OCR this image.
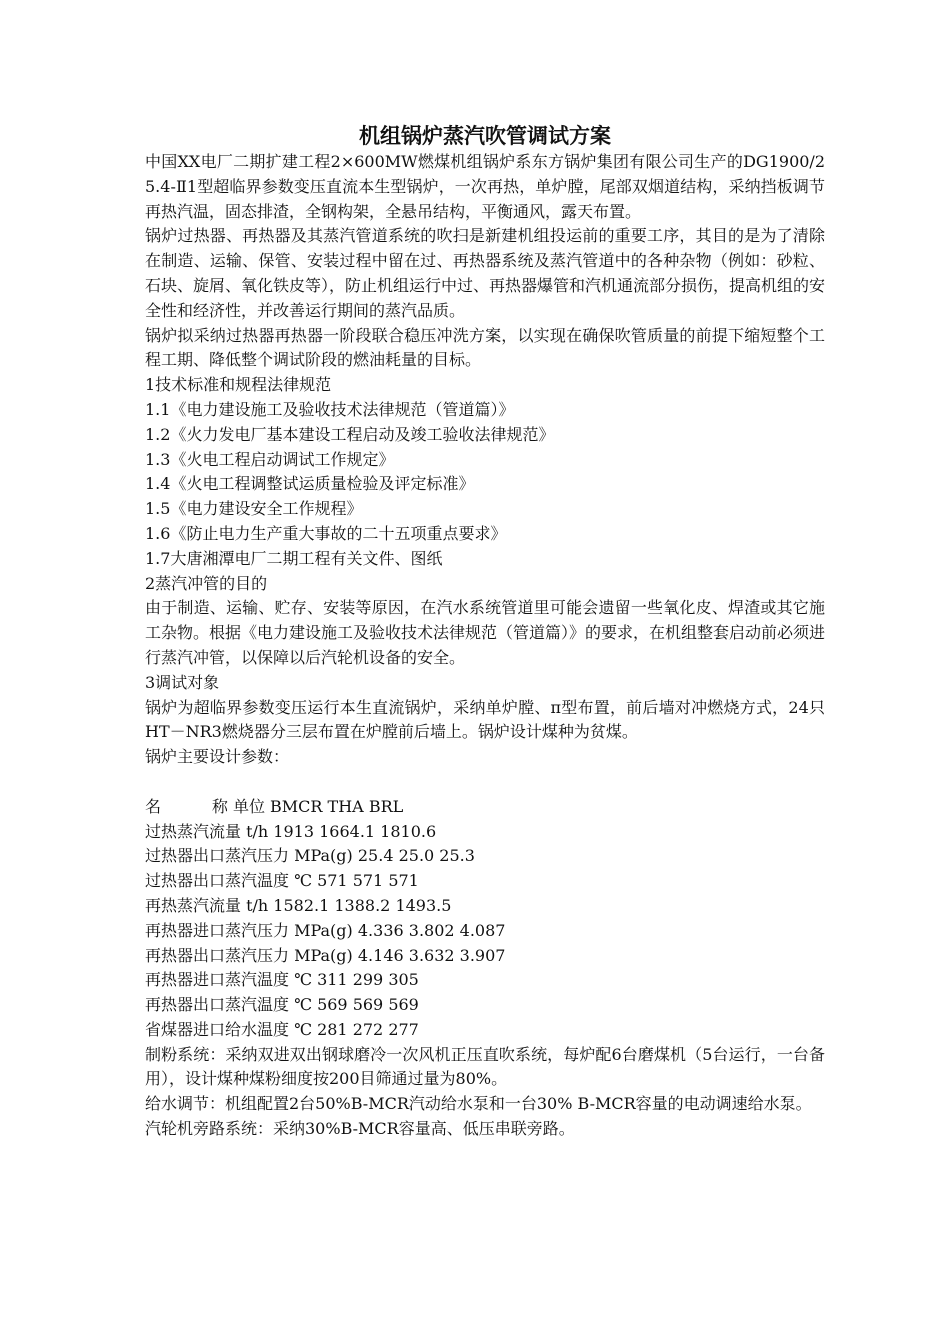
机组锅炉蒸汽吹管调试方案

中国XX电厂二期扩建工程2×600MW燃煤机组锅炉系东方锅炉集团有限公司生产的DG1900/25.4-Ⅱ1型超临界参数变压直流本生型锅炉，一次再热，单炉膛，尾部双烟道结构，采纳挡板调节再热汽温，固态排渣，全钢构架，全悬吊结构，平衡通风，露天布置。

锅炉过热器、再热器及其蒸汽管道系统的吹扫是新建机组投运前的重要工序，其目的是为了清除在制造、运输、保管、安装过程中留在过、再热器系统及蒸汽管道中的各种杂物（例如：砂粒、石块、旋屑、氧化铁皮等），防止机组运行中过、再热器爆管和汽机通流部分损伤，提高机组的安全性和经济性，并改善运行期间的蒸汽品质。

锅炉拟采纳过热器再热器一阶段联合稳压冲洗方案，以实现在确保吹管质量的前提下缩短整个工程工期、降低整个调试阶段的燃油耗量的目标。

1技术标准和规程法律规范

1.1《电力建设施工及验收技术法律规范（管道篇）》

1.2《火力发电厂基本建设工程启动及竣工验收法律规范》

1.3《火电工程启动调试工作规定》

1.4《火电工程调整试运质量检验及评定标准》

1.5《电力建设安全工作规程》

1.6《防止电力生产重大事故的二十五项重点要求》

1.7大唐湘潭电厂二期工程有关文件、图纸

2蒸汽冲管的目的

由于制造、运输、贮存、安装等原因，在汽水系统管道里可能会遗留一些氧化皮、焊渣或其它施工杂物。根据《电力建设施工及验收技术法律规范（管道篇）》的要求，在机组整套启动前必须进行蒸汽冲管，以保障以后汽轮机设备的安全。

3调试对象

锅炉为超临界参数变压运行本生直流锅炉，采纳单炉膛、π型布置，前后墙对冲燃烧方式，24只HT－NR3燃烧器分三层布置在炉膛前后墙上。锅炉设计煤种为贫煤。

锅炉主要设计参数：

名          称 单位 BMCR THA BRL

过热蒸汽流量 t/h 1913 1664.1 1810.6

过热器出口蒸汽压力 MPa(g) 25.4 25.0 25.3

过热器出口蒸汽温度 ℃ 571 571 571

再热蒸汽流量 t/h 1582.1 1388.2 1493.5

再热器进口蒸汽压力 MPa(g) 4.336 3.802 4.087

再热器出口蒸汽压力 MPa(g) 4.146 3.632 3.907

再热器进口蒸汽温度 ℃ 311 299 305

再热器出口蒸汽温度 ℃ 569 569 569

省煤器进口给水温度 ℃ 281 272 277

制粉系统：采纳双进双出钢球磨冷一次风机正压直吹系统，每炉配6台磨煤机（5台运行，一台备用），设计煤种煤粉细度按200目筛通过量为80%。

给水调节：机组配置2台50%B-MCR汽动给水泵和一台30% B-MCR容量的电动调速给水泵。

汽轮机旁路系统：采纳30%B-MCR容量高、低压串联旁路。
